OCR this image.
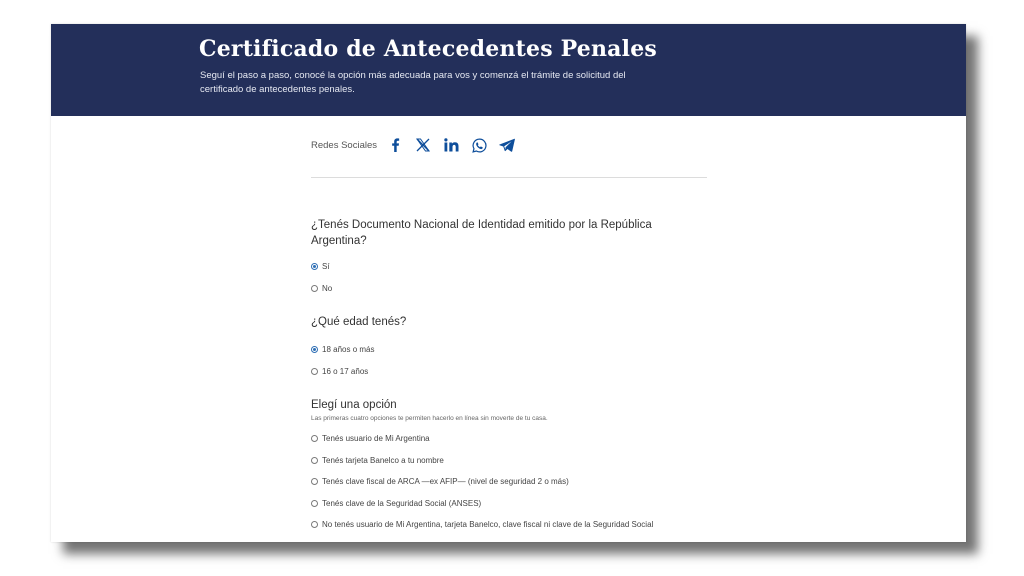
Certificado de Antecedentes Penales
Seguí el paso a paso, conocé la opción más adecuada para vos y comenzá el trámite de solicitud del certificado de antecedentes penales.
Redes Sociales
¿Tenés Documento Nacional de Identidad emitido por la República Argentina?
Sí
No
¿Qué edad tenés?
18 años o más
16 o 17 años
Elegí una opción
Las primeras cuatro opciones te permiten hacerlo en línea sin moverte de tu casa.
Tenés usuario de Mi Argentina
Tenés tarjeta Banelco a tu nombre
Tenés clave fiscal de ARCA —ex AFIP— (nivel de seguridad 2 o más)
Tenés clave de la Seguridad Social (ANSES)
No tenés usuario de Mi Argentina, tarjeta Banelco, clave fiscal ni clave de la Seguridad Social
